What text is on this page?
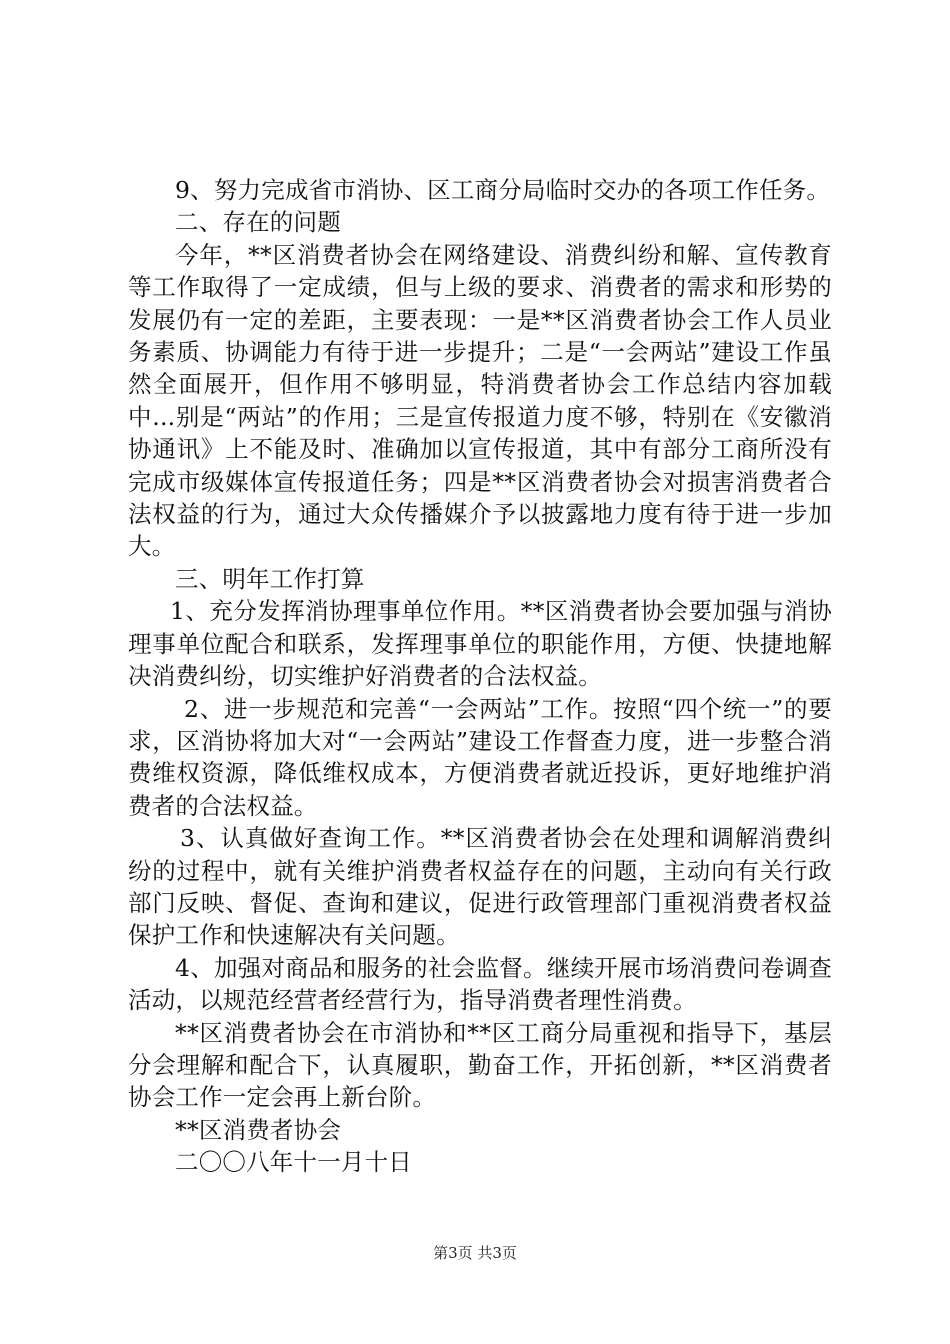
9、努力完成省市消协、区工商分局临时交办的各项工作任务。

二、存在的问题

今年，**区消费者协会在网络建设、消费纠纷和解、宣传教育等工作取得了一定成绩，但与上级的要求、消费者的需求和形势的发展仍有一定的差距，主要表现：一是**区消费者协会工作人员业务素质、协调能力有待于进一步提升；二是“一会两站”建设工作虽然全面展开，但作用不够明显，特消费者协会工作总结内容加载中...别是“两站”的作用；三是宣传报道力度不够，特别在《安徽消协通讯》上不能及时、准确加以宣传报道，其中有部分工商所没有完成市级媒体宣传报道任务；四是**区消费者协会对损害消费者合法权益的行为，通过大众传播媒介予以披露地力度有待于进一步加大。

三、明年工作打算

1、充分发挥消协理事单位作用。**区消费者协会要加强与消协理事单位配合和联系，发挥理事单位的职能作用，方便、快捷地解决消费纠纷，切实维护好消费者的合法权益。

2、进一步规范和完善“一会两站”工作。按照“四个统一”的要求，区消协将加大对“一会两站”建设工作督查力度，进一步整合消费维权资源，降低维权成本，方便消费者就近投诉，更好地维护消费者的合法权益。

3、认真做好查询工作。**区消费者协会在处理和调解消费纠纷的过程中，就有关维护消费者权益存在的问题，主动向有关行政部门反映、督促、查询和建议，促进行政管理部门重视消费者权益保护工作和快速解决有关问题。

4、加强对商品和服务的社会监督。继续开展市场消费问卷调查活动，以规范经营者经营行为，指导消费者理性消费。

**区消费者协会在市消协和**区工商分局重视和指导下，基层分会理解和配合下，认真履职，勤奋工作，开拓创新，**区消费者协会工作一定会再上新台阶。

**区消费者协会

二〇〇八年十一月十日

第3页 共3页
